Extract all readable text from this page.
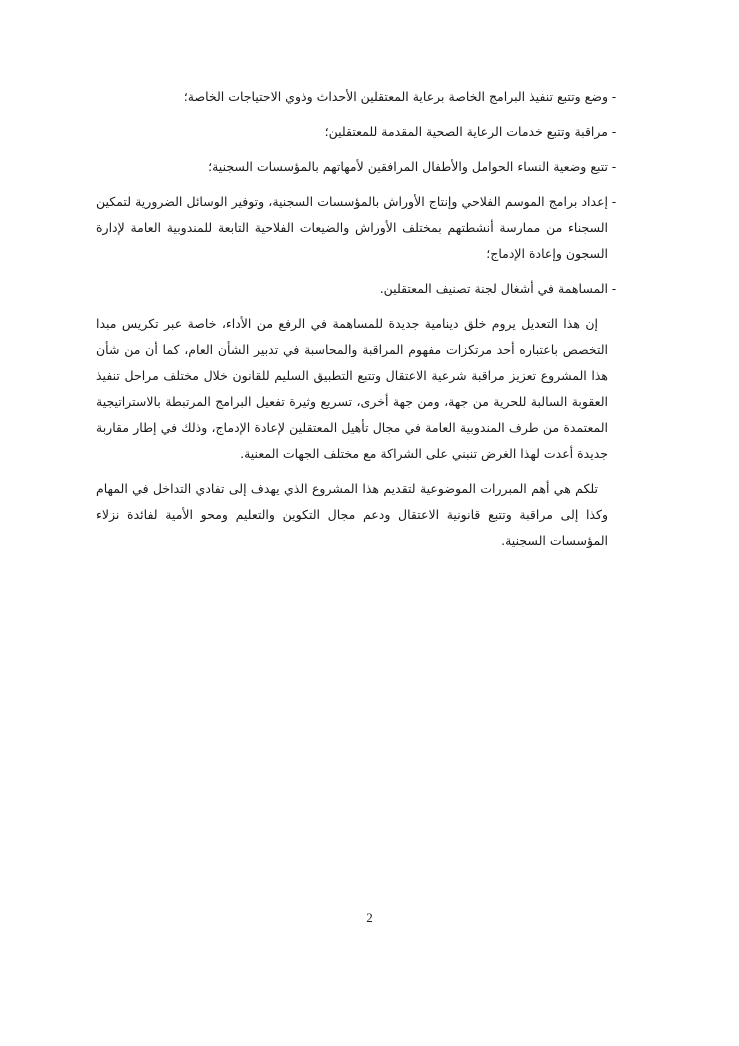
-
وضع وتتبع تنفيذ البرامج الخاصة برعاية المعتقلين الأحداث وذوي الاحتياجات الخاصة؛
-
مراقبة وتتبع خدمات الرعاية الصحية المقدمة للمعتقلين؛
-
تتبع وضعية النساء الحوامل والأطفال المرافقين لأمهاتهم بالمؤسسات السجنية؛
-
إعداد برامج الموسم الفلاحي وإنتاج الأوراش بالمؤسسات السجنية، وتوفير الوسائل الضرورية لتمكين السجناء من ممارسة أنشطتهم بمختلف الأوراش والضيعات الفلاحية التابعة للمندوبية العامة لإدارة السجون وإعادة الإدماج؛
-
المساهمة في أشغال لجنة تصنيف المعتقلين.

إن هذا التعديل يروم خلق دينامية جديدة للمساهمة في الرفع من الأداء، خاصة عبر تكريس مبدا التخصص باعتباره أحد مرتكزات مفهوم المراقبة والمحاسبة في تدبير الشأن العام، كما أن من شأن هذا المشروع تعزيز مراقبة شرعية الاعتقال وتتبع التطبيق السليم للقانون خلال مختلف مراحل تنفيذ العقوبة السالبة للحرية من جهة، ومن جهة أخرى، تسريع وثيرة تفعيل البرامج المرتبطة بالاستراتيجية المعتمدة من طرف المندوبية العامة في مجال تأهيل المعتقلين لإعادة الإدماج، وذلك في إطار مقاربة جديدة أعدت لهذا الغرض تنبني على الشراكة مع مختلف الجهات المعنية.

تلكم هي أهم المبررات الموضوعية لتقديم هذا المشروع الذي يهدف إلى تفادي التداخل في المهام وكذا إلى مراقبة وتتبع قانونية الاعتقال ودعم مجال التكوين والتعليم ومحو الأمية لفائدة نزلاء المؤسسات السجنية.

2
